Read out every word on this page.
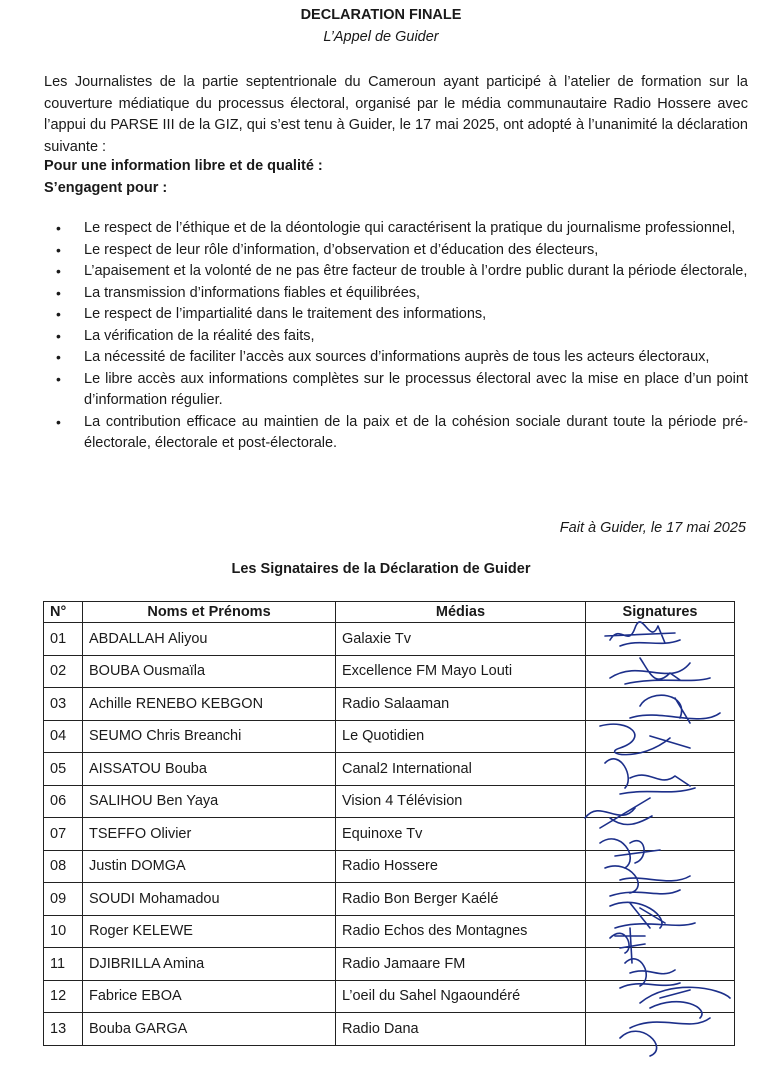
DECLARATION FINALE
L’Appel de Guider
Les Journalistes de la partie septentrionale du Cameroun ayant participé à l’atelier de formation sur la couverture médiatique du processus électoral, organisé par le média communautaire Radio Hossere avec l’appui du PARSE III de la GIZ, qui s’est tenu à Guider, le 17 mai 2025, ont adopté à l’unanimité la déclaration suivante :
Pour une information libre et de qualité :
S’engagent pour :
• Le respect de l’éthique et de la déontologie qui caractérisent la pratique du journalisme professionnel,
• Le respect de leur rôle d’information, d’observation et d’éducation des électeurs,
• L’apaisement et la volonté de ne pas être facteur de trouble à l’ordre public durant la période électorale,
• La transmission d’informations fiables et équilibrées,
• Le respect de l’impartialité dans le traitement des informations,
• La vérification de la réalité des faits,
• La nécessité de faciliter l’accès aux sources d’informations auprès de tous les acteurs électoraux,
• Le libre accès aux informations complètes sur le processus électoral avec la mise en place d’un point d’information régulier.
• La contribution efficace au maintien de la paix et de la cohésion sociale durant toute la période pré-électorale, électorale et post-électorale.
Fait à Guider, le 17 mai 2025
Les Signataires de la Déclaration de Guider
N°	Noms et Prénoms	Médias	Signatures
01	ABDALLAH Aliyou	Galaxie Tv	
02	BOUBA Ousmaïla	Excellence FM Mayo Louti	
03	Achille RENEBO KEBGON	Radio Salaaman	
04	SEUMO Chris Breanchi	Le Quotidien	
05	AISSATOU Bouba	Canal2 International	
06	SALIHOU Ben Yaya	Vision 4 Télévision	
07	TSEFFO Olivier	Equinoxe Tv	
08	Justin DOMGA	Radio Hossere	
09	SOUDI Mohamadou	Radio Bon Berger Kaélé	
10	Roger KELEWE	Radio Echos des Montagnes	
11	DJIBRILLA Amina	Radio Jamaare FM	
12	Fabrice EBOA	L’oeil du Sahel Ngaoundéré	
13	Bouba GARGA	Radio Dana	
